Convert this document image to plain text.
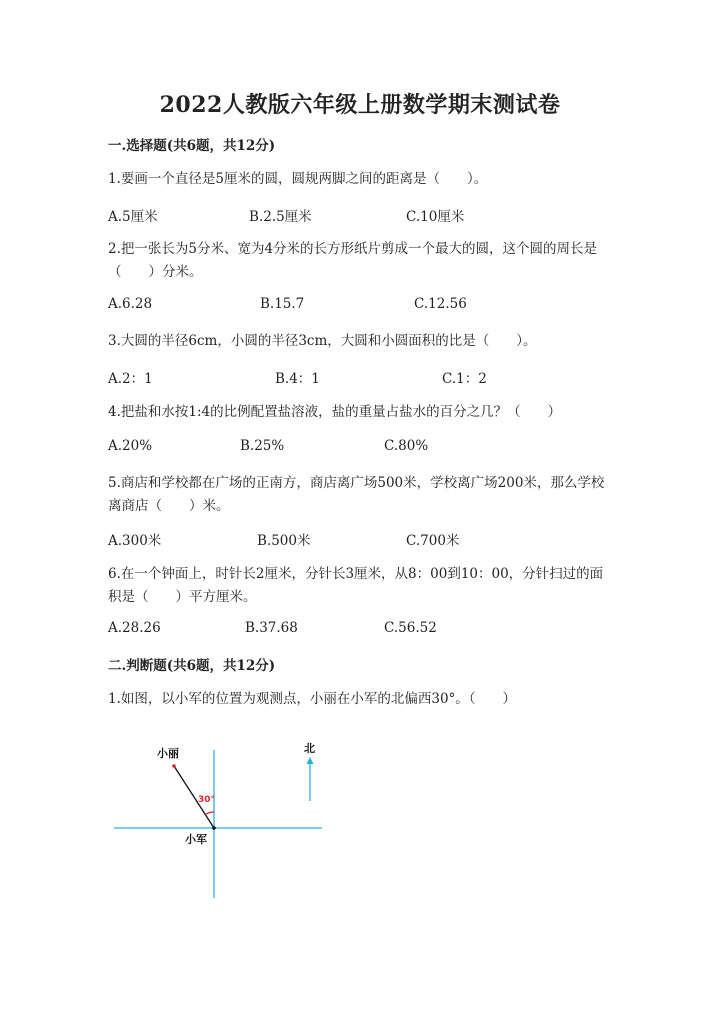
2022人教版六年级上册数学期末测试卷
一.选择题(共6题，共12分)
1.要画一个直径是5厘米的圆，圆规两脚之间的距离是（　　）。
A.5厘米	B.2.5厘米	C.10厘米
2.把一张长为5分米、宽为4分米的长方形纸片剪成一个最大的圆，这个圆的周长是（　　）分米。
A.6.28	B.15.7	C.12.56
3.大圆的半径6cm，小圆的半径3cm，大圆和小圆面积的比是（　　）。
A.2：1	B.4：1	C.1：2
4.把盐和水按1:4的比例配置盐溶液，盐的重量占盐水的百分之几？（　　）
A.20%	B.25%	C.80%
5.商店和学校都在广场的正南方，商店离广场500米，学校离广场200米，那么学校离商店（　　）米。
A.300米	B.500米	C.700米
6.在一个钟面上，时针长2厘米，分针长3厘米，从8：00到10：00，分针扫过的面积是（　　）平方厘米。
A.28.26	B.37.68	C.56.52
二.判断题(共6题，共12分)
1.如图，以小军的位置为观测点，小丽在小军的北偏西30°。（　　）
30°
小丽
小军
北
